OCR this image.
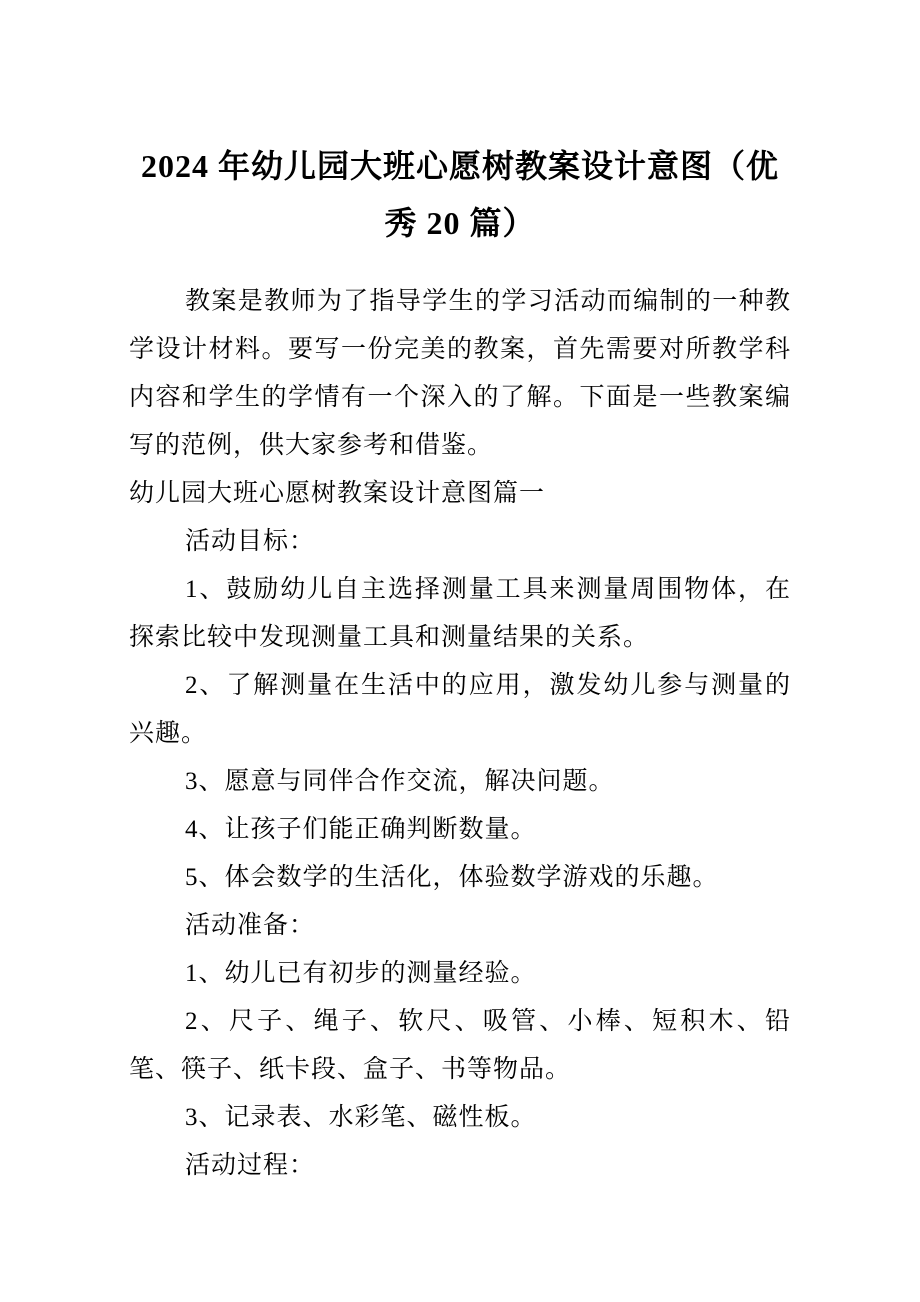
2024 年幼儿园大班心愿树教案设计意图（优
秀 20 篇）

教案是教师为了指导学生的学习活动而编制的一种教学设计材料。要写一份完美的教案，首先需要对所教学科内容和学生的学情有一个深入的了解。下面是一些教案编写的范例，供大家参考和借鉴。

幼儿园大班心愿树教案设计意图篇一

活动目标：

1、鼓励幼儿自主选择测量工具来测量周围物体，在探索比较中发现测量工具和测量结果的关系。

2、了解测量在生活中的应用，激发幼儿参与测量的兴趣。

3、愿意与同伴合作交流，解决问题。

4、让孩子们能正确判断数量。

5、体会数学的生活化，体验数学游戏的乐趣。

活动准备：

1、幼儿已有初步的测量经验。

2、尺子、绳子、软尺、吸管、小棒、短积木、铅笔、筷子、纸卡段、盒子、书等物品。

3、记录表、水彩笔、磁性板。

活动过程：
